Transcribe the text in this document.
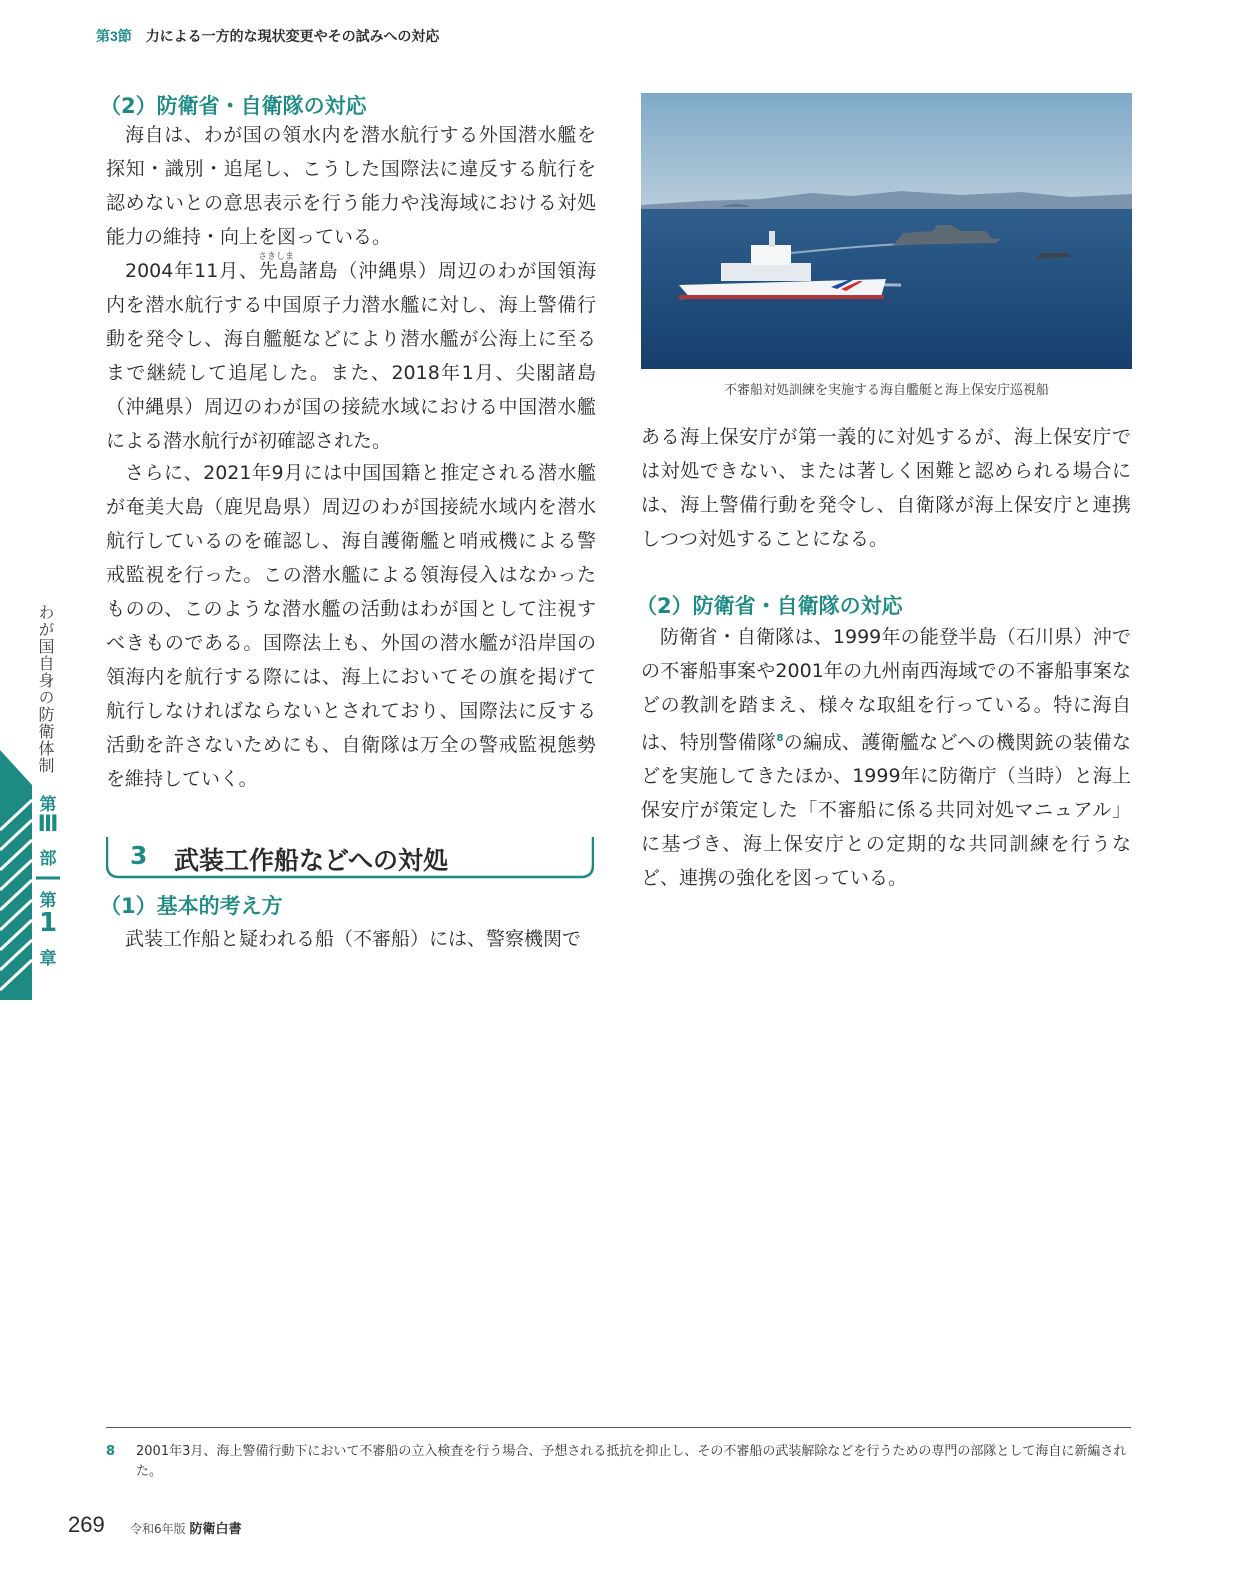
第3節 力による一方的な現状変更やその試みへの対応
（2）防衛省・自衛隊の対応
海自は、わが国の領水内を潜水航行する外国潜水艦を探知・識別・追尾し、こうした国際法に違反する航行を認めないとの意思表示を行う能力や浅海域における対処能力の維持・向上を図っている。
さきしま
2004年11月、先島諸島（沖縄県）周辺のわが国領海内を潜水航行する中国原子力潜水艦に対し、海上警備行動を発令し、海自艦艇などにより潜水艦が公海上に至るまで継続して追尾した。また、2018年1月、尖閣諸島（沖縄県）周辺のわが国の接続水域における中国潜水艦による潜水航行が初確認された。
さらに、2021年9月には中国国籍と推定される潜水艦が奄美大島（鹿児島県）周辺のわが国接続水域内を潜水航行しているのを確認し、海自護衛艦と哨戒機による警戒監視を行った。この潜水艦による領海侵入はなかったものの、このような潜水艦の活動はわが国として注視すべきものである。国際法上も、外国の潜水艦が沿岸国の領海内を航行する際には、海上においてその旗を掲げて航行しなければならないとされており、国際法に反する活動を許さないためにも、自衛隊は万全の警戒監視態勢を維持していく。
3 武装工作船などへの対処
（1）基本的考え方
武装工作船と疑われる船（不審船）には、警察機関で
不審船対処訓練を実施する海自艦艇と海上保安庁巡視船
ある海上保安庁が第一義的に対処するが、海上保安庁では対処できない、または著しく困難と認められる場合には、海上警備行動を発令し、自衛隊が海上保安庁と連携しつつ対処することになる。
（2）防衛省・自衛隊の対応
防衛省・自衛隊は、1999年の能登半島（石川県）沖での不審船事案や2001年の九州南西海域での不審船事案などの教訓を踏まえ、様々な取組を行っている。特に海自は、特別警備隊$^8$の編成、護衛艦などへの機関銃の装備などを実施してきたほか、1999年に防衛庁（当時）と海上保安庁が策定した「不審船に係る共同対処マニュアル」に基づき、海上保安庁との定期的な共同訓練を行うなど、連携の強化を図っている。
わが国自身の防衛体制
第
Ⅲ
部
第
1
章
8 2001年3月、海上警備行動下において不審船の立入検査を行う場合、予想される抵抗を抑止し、その不審船の武装解除などを行うための専門の部隊として海自に新編された。
269 令和6年版 防衛白書
